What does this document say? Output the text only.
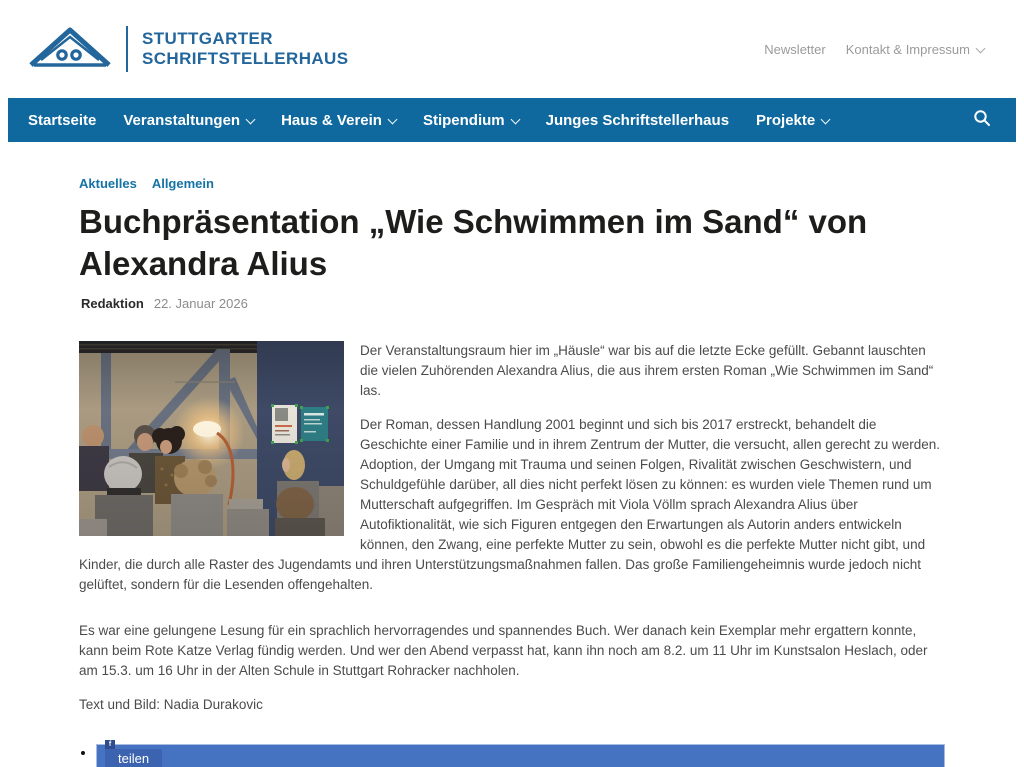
STUTTGARTER
SCHRIFTSTELLERHAUS	Newsletter Kontakt & Impressum
Startseite Veranstaltungen	Haus & Verein	Stipendium	Junges Schriftstellerhaus Projekte
Aktuelles Allgemein
Buchpräsentation „Wie Schwimmen im Sand“ von Alexandra Alius
Redaktion 22. Januar 2026

Der Veranstaltungsraum hier im „Häusle“ war bis auf die letzte Ecke gefüllt. Gebannt lauschten die vielen Zuhörenden Alexandra Alius, die aus ihrem ersten Roman „Wie Schwimmen im Sand“ las.

Der Roman, dessen Handlung 2001 beginnt und sich bis 2017 erstreckt, behandelt die Geschichte einer Familie und in ihrem Zentrum der Mutter, die versucht, allen gerecht zu werden. Adoption, der Umgang mit Trauma und seinen Folgen, Rivalität zwischen Geschwistern, und Schuldgefühle darüber, all dies nicht perfekt lösen zu können: es wurden viele Themen rund um Mutterschaft aufgegriffen. Im Gespräch mit Viola Völlm sprach Alexandra Alius über Autofiktionalität, wie sich Figuren entgegen den Erwartungen als Autorin anders entwickeln können, den Zwang, eine perfekte Mutter zu sein, obwohl es die perfekte Mutter nicht gibt, und Kinder, die durch alle Raster des Jugendamts und ihren Unterstützungsmaßnahmen fallen. Das große Familiengeheimnis wurde jedoch nicht gelüftet, sondern für die Lesenden offengehalten.

Es war eine gelungene Lesung für ein sprachlich hervorragendes und spannendes Buch. Wer danach kein Exemplar mehr ergattern konnte, kann beim Rote Katze Verlag fündig werden. Und wer den Abend verpasst hat, kann ihn noch am 8.2. um 11 Uhr im Kunstsalon Heslach, oder am 15.3. um 16 Uhr in der Alten Schule in Stuttgart Rohracker nachholen.

Text und Bild: Nadia Durakovic

• f
teilen
